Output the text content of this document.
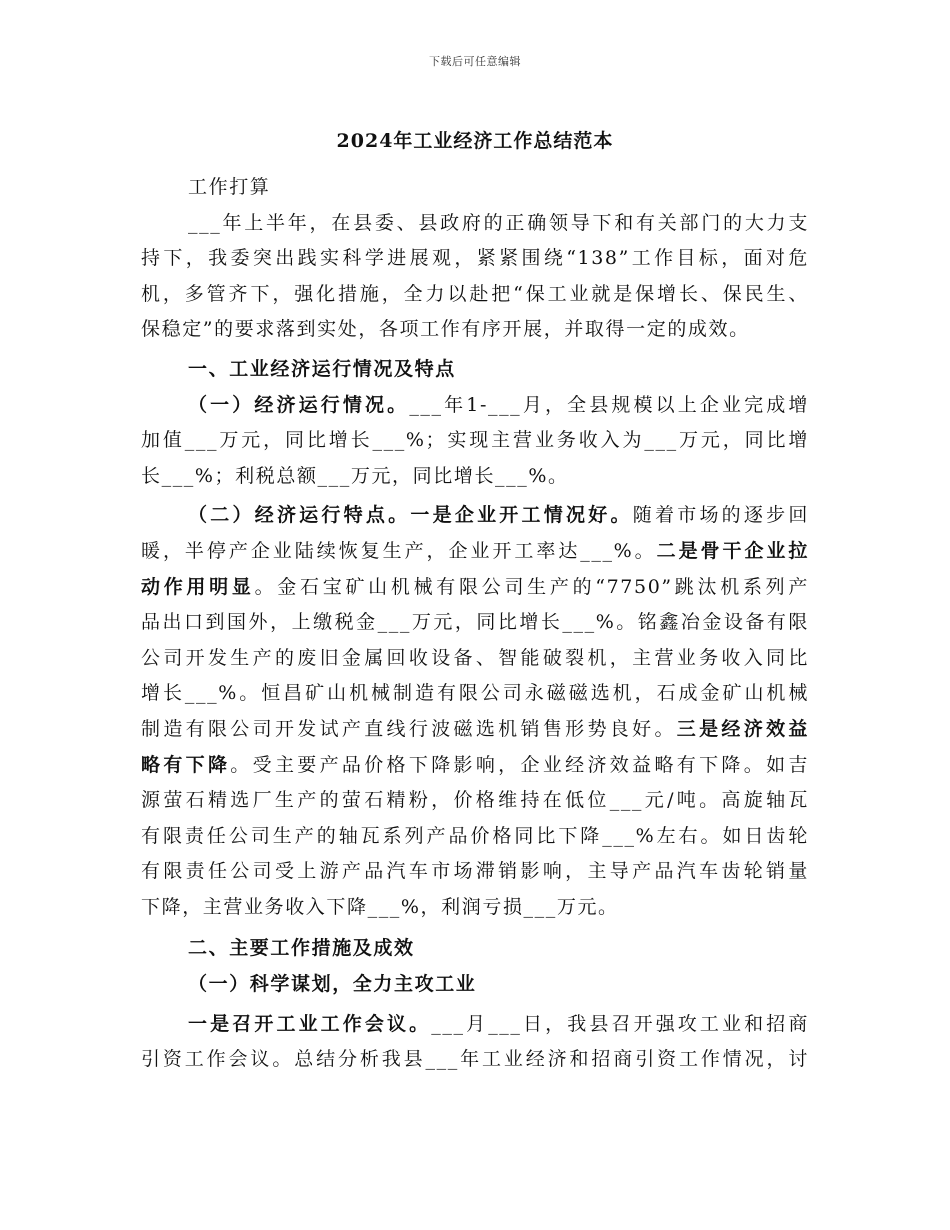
下载后可任意编辑
2024年工业经济工作总结范本
工作打算
___年上半年，在县委、县政府的正确领导下和有关部门的大力支
持下，我委突出践实科学进展观，紧紧围绕“138”工作目标，面对危
机，多管齐下，强化措施，全力以赴把“保工业就是保增长、保民生、
保稳定”的要求落到实处，各项工作有序开展，并取得一定的成效。
一、工业经济运行情况及特点
（一）经济运行情况。___年1-___月，全县规模以上企业完成增
加值___万元，同比增长___%；实现主营业务收入为___万元，同比增
长___%；利税总额___万元，同比增长___%。
（二）经济运行特点。一是企业开工情况好。随着市场的逐步回
暖，半停产企业陆续恢复生产，企业开工率达___%。二是骨干企业拉
动作用明显。金石宝矿山机械有限公司生产的“7750”跳汰机系列产
品出口到国外，上缴税金___万元，同比增长___%。铭鑫冶金设备有限
公司开发生产的废旧金属回收设备、智能破裂机，主营业务收入同比
增长___%。恒昌矿山机械制造有限公司永磁磁选机，石成金矿山机械
制造有限公司开发试产直线行波磁选机销售形势良好。三是经济效益
略有下降。受主要产品价格下降影响，企业经济效益略有下降。如吉
源萤石精选厂生产的萤石精粉，价格维持在低位___元/吨。高旋轴瓦
有限责任公司生产的轴瓦系列产品价格同比下降___%左右。如日齿轮
有限责任公司受上游产品汽车市场滞销影响，主导产品汽车齿轮销量
下降，主营业务收入下降___%，利润亏损___万元。
二、主要工作措施及成效
（一）科学谋划，全力主攻工业
一是召开工业工作会议。___月___日，我县召开强攻工业和招商
引资工作会议。总结分析我县___年工业经济和招商引资工作情况，讨
